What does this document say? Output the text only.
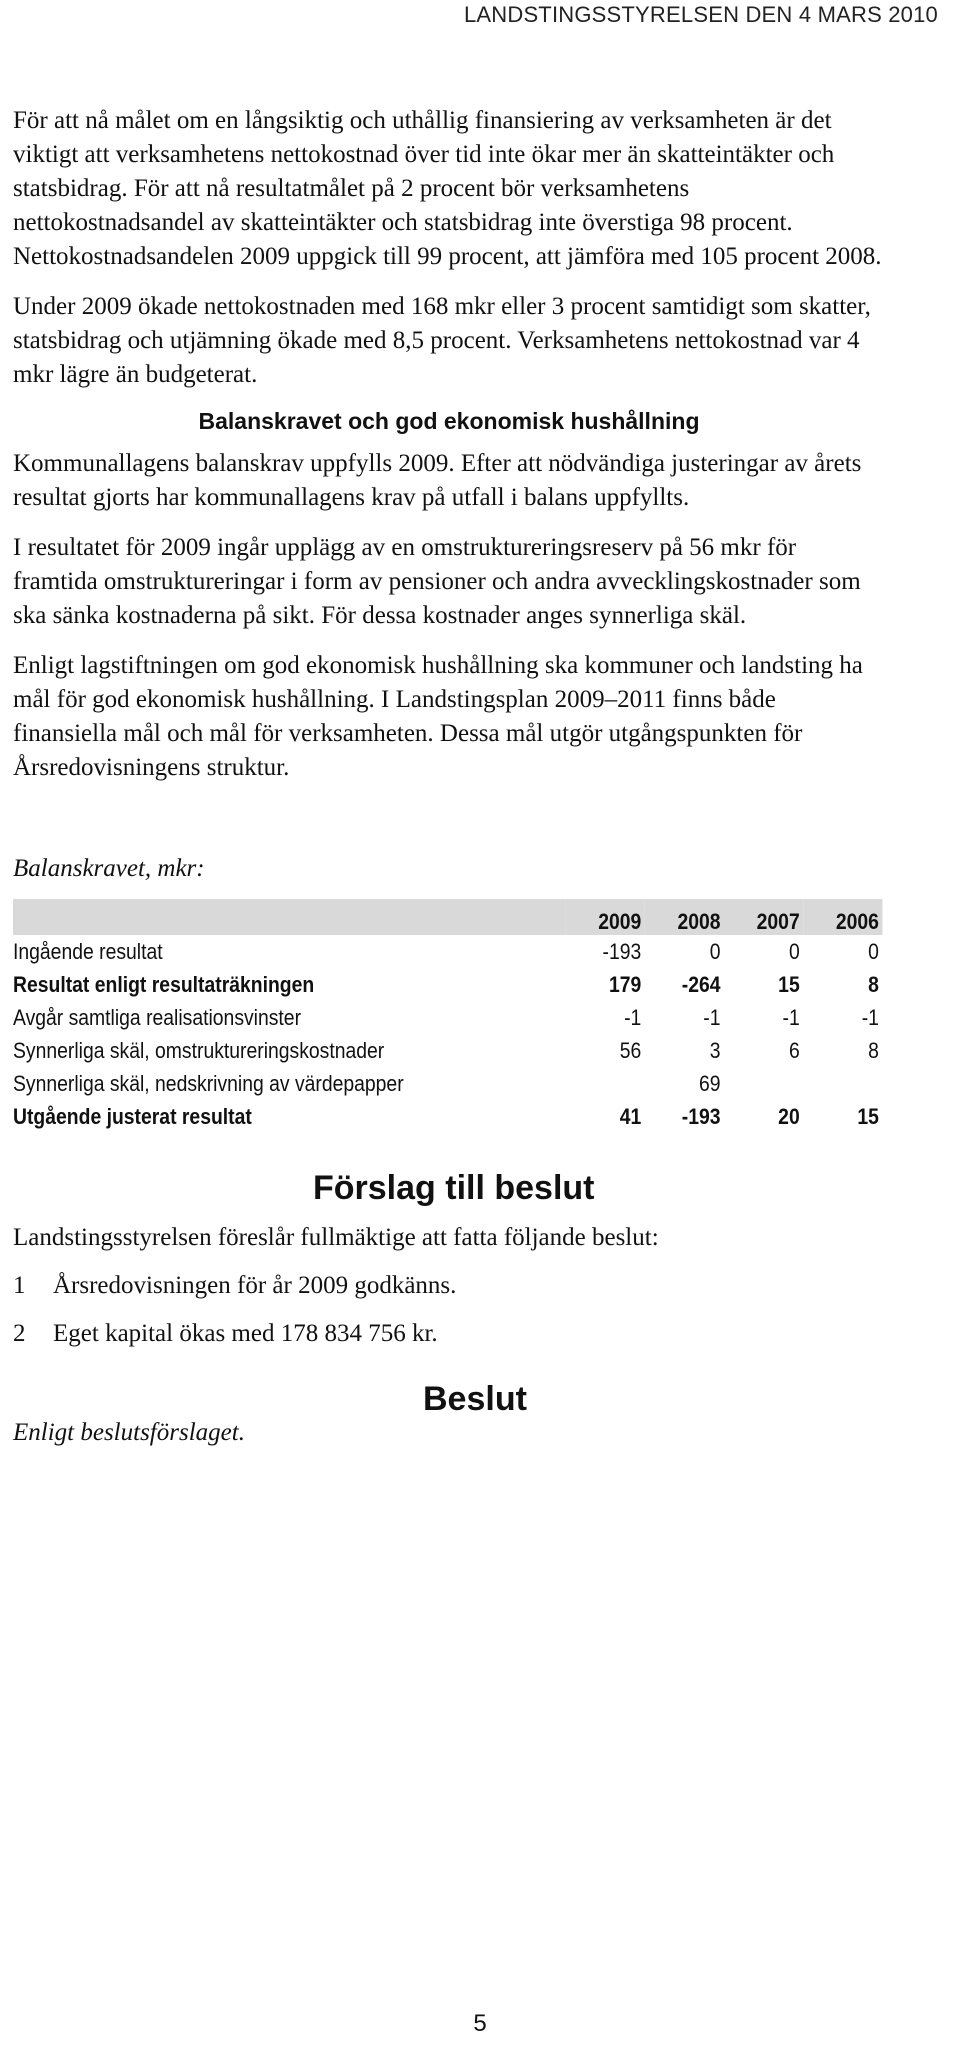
LANDSTINGSSTYRELSEN DEN 4 MARS 2010

För att nå målet om en långsiktig och uthållig finansiering av verksamheten är det viktigt att verksamhetens nettokostnad över tid inte ökar mer än skatteintäkter och statsbidrag. För att nå resultatmålet på 2 procent bör verksamhetens nettokostnadsandel av skatteintäkter och statsbidrag inte överstiga 98 procent. Nettokostnadsandelen 2009 uppgick till 99 procent, att jämföra med 105 procent 2008.

Under 2009 ökade nettokostnaden med 168 mkr eller 3 procent samtidigt som skatter, statsbidrag och utjämning ökade med 8,5 procent. Verksamhetens nettokostnad var 4 mkr lägre än budgeterat.

Balanskravet och god ekonomisk hushållning

Kommunallagens balanskrav uppfylls 2009. Efter att nödvändiga justeringar av årets resultat gjorts har kommunallagens krav på utfall i balans uppfyllts.

I resultatet för 2009 ingår upplägg av en omstruktureringsreserv på 56 mkr för framtida omstruktureringar i form av pensioner och andra avvecklingskostnader som ska sänka kostnaderna på sikt. För dessa kostnader anges synnerliga skäl.

Enligt lagstiftningen om god ekonomisk hushållning ska kommuner och landsting ha mål för god ekonomisk hushållning. I Landstingsplan 2009–2011 finns både finansiella mål och mål för verksamheten. Dessa mål utgör utgångspunkten för Årsredovisningens struktur.

Balanskravet, mkr:
	2009	2008	2007	2006
Ingående resultat	-193	0	0	0
Resultat enligt resultaträkningen	179	-264	15	8
Avgår samtliga realisationsvinster	-1	-1	-1	-1
Synnerliga skäl, omstruktureringskostnader	56	3	6	8
Synnerliga skäl, nedskrivning av värdepapper		69		
Utgående justerat resultat	41	-193	20	15
Förslag till beslut

Landstingsstyrelsen föreslår fullmäktige att fatta följande beslut:

1	Årsredovisningen för år 2009 godkänns.
2	Eget kapital ökas med 178 834 756 kr.
Beslut

Enligt beslutsförslaget.

5
